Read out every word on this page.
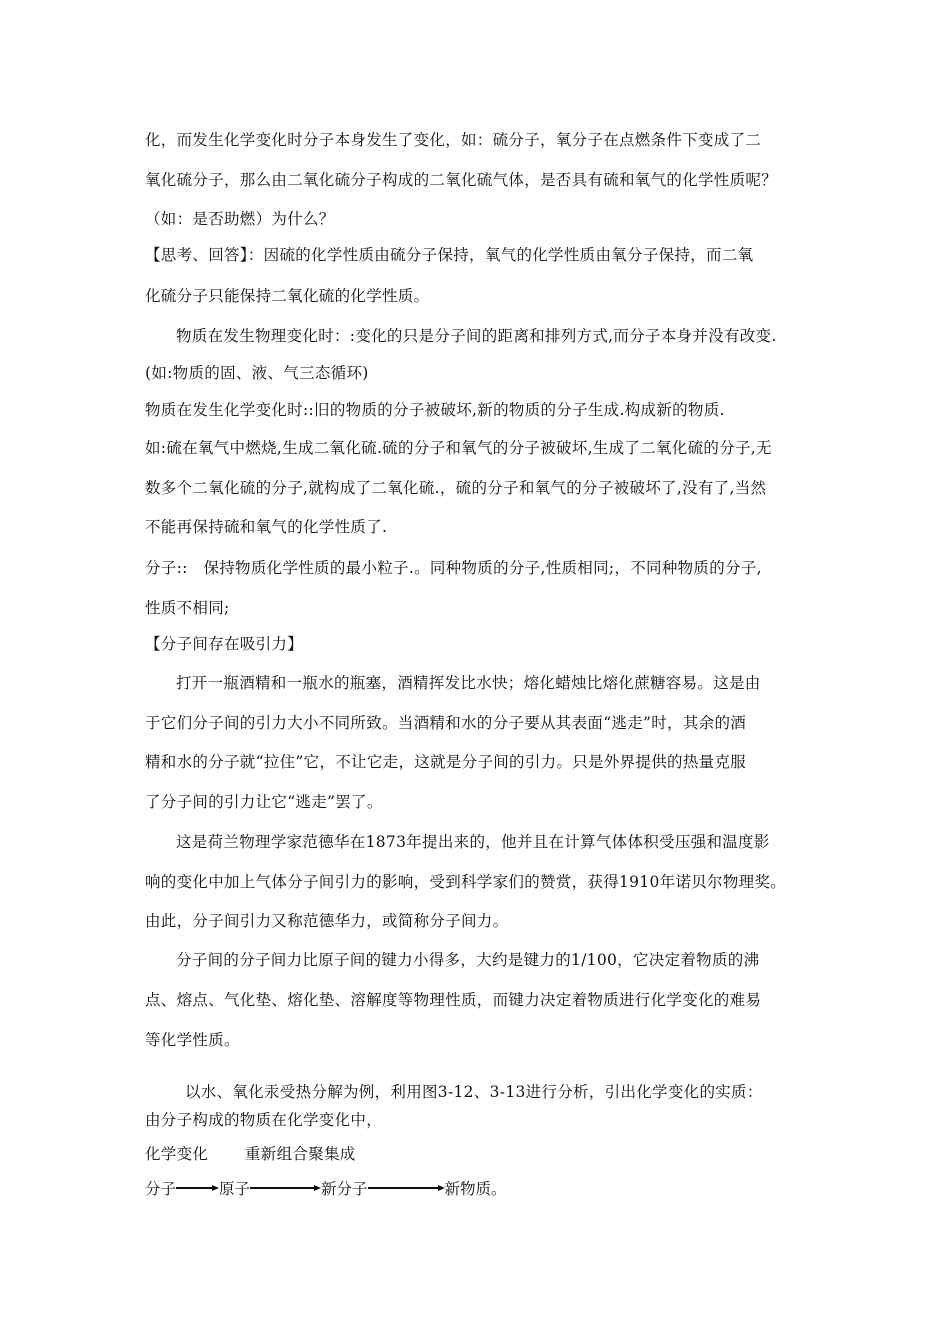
化，而发生化学变化时分子本身发生了变化，如：硫分子，氧分子在点燃条件下变成了二
氧化硫分子，那么由二氧化硫分子构成的二氧化硫气体，是否具有硫和氧气的化学性质呢？
（如：是否助燃）为什么？
【思考、回答】：因硫的化学性质由硫分子保持，氧气的化学性质由氧分子保持，而二氧
化硫分子只能保持二氧化硫的化学性质。
物质在发生物理变化时：:变化的只是分子间的距离和排列方式,而分子本身并没有改变.
(如:物质的固、液、气三态循环)
物质在发生化学变化时::旧的物质的分子被破坏,新的物质的分子生成.构成新的物质.
如:硫在氧气中燃烧,生成二氧化硫.硫的分子和氧气的分子被破坏,生成了二氧化硫的分子,无
数多个二氧化硫的分子,就构成了二氧化硫.，硫的分子和氧气的分子被破坏了,没有了,当然
不能再保持硫和氧气的化学性质了.
分子::　保持物质化学性质的最小粒子.。同种物质的分子,性质相同;，不同种物质的分子,
性质不相同;
【分子间存在吸引力】
打开一瓶酒精和一瓶水的瓶塞，酒精挥发比水快；熔化蜡烛比熔化蔗糖容易。这是由
于它们分子间的引力大小不同所致。当酒精和水的分子要从其表面“逃走”时，其余的酒
精和水的分子就“拉住”它，不让它走，这就是分子间的引力。只是外界提供的热量克服
了分子间的引力让它“逃走”罢了。
这是荷兰物理学家范德华在1873年提出来的，他并且在计算气体体积受压强和温度影
响的变化中加上气体分子间引力的影响，受到科学家们的赞赏，获得1910年诺贝尔物理奖。
由此，分子间引力又称范德华力，或简称分子间力。
分子间的分子间力比原子间的键力小得多，大约是键力的1/100，它决定着物质的沸
点、熔点、气化垫、熔化垫、溶解度等物理性质，而键力决定着物质进行化学变化的难易
等化学性质。
以水、氧化汞受热分解为例，利用图3-12、3-13进行分析，引出化学变化的实质：
由分子构成的物质在化学变化中，
化学变化 重新组合聚集成
分子	原子	新分子	新物质。
